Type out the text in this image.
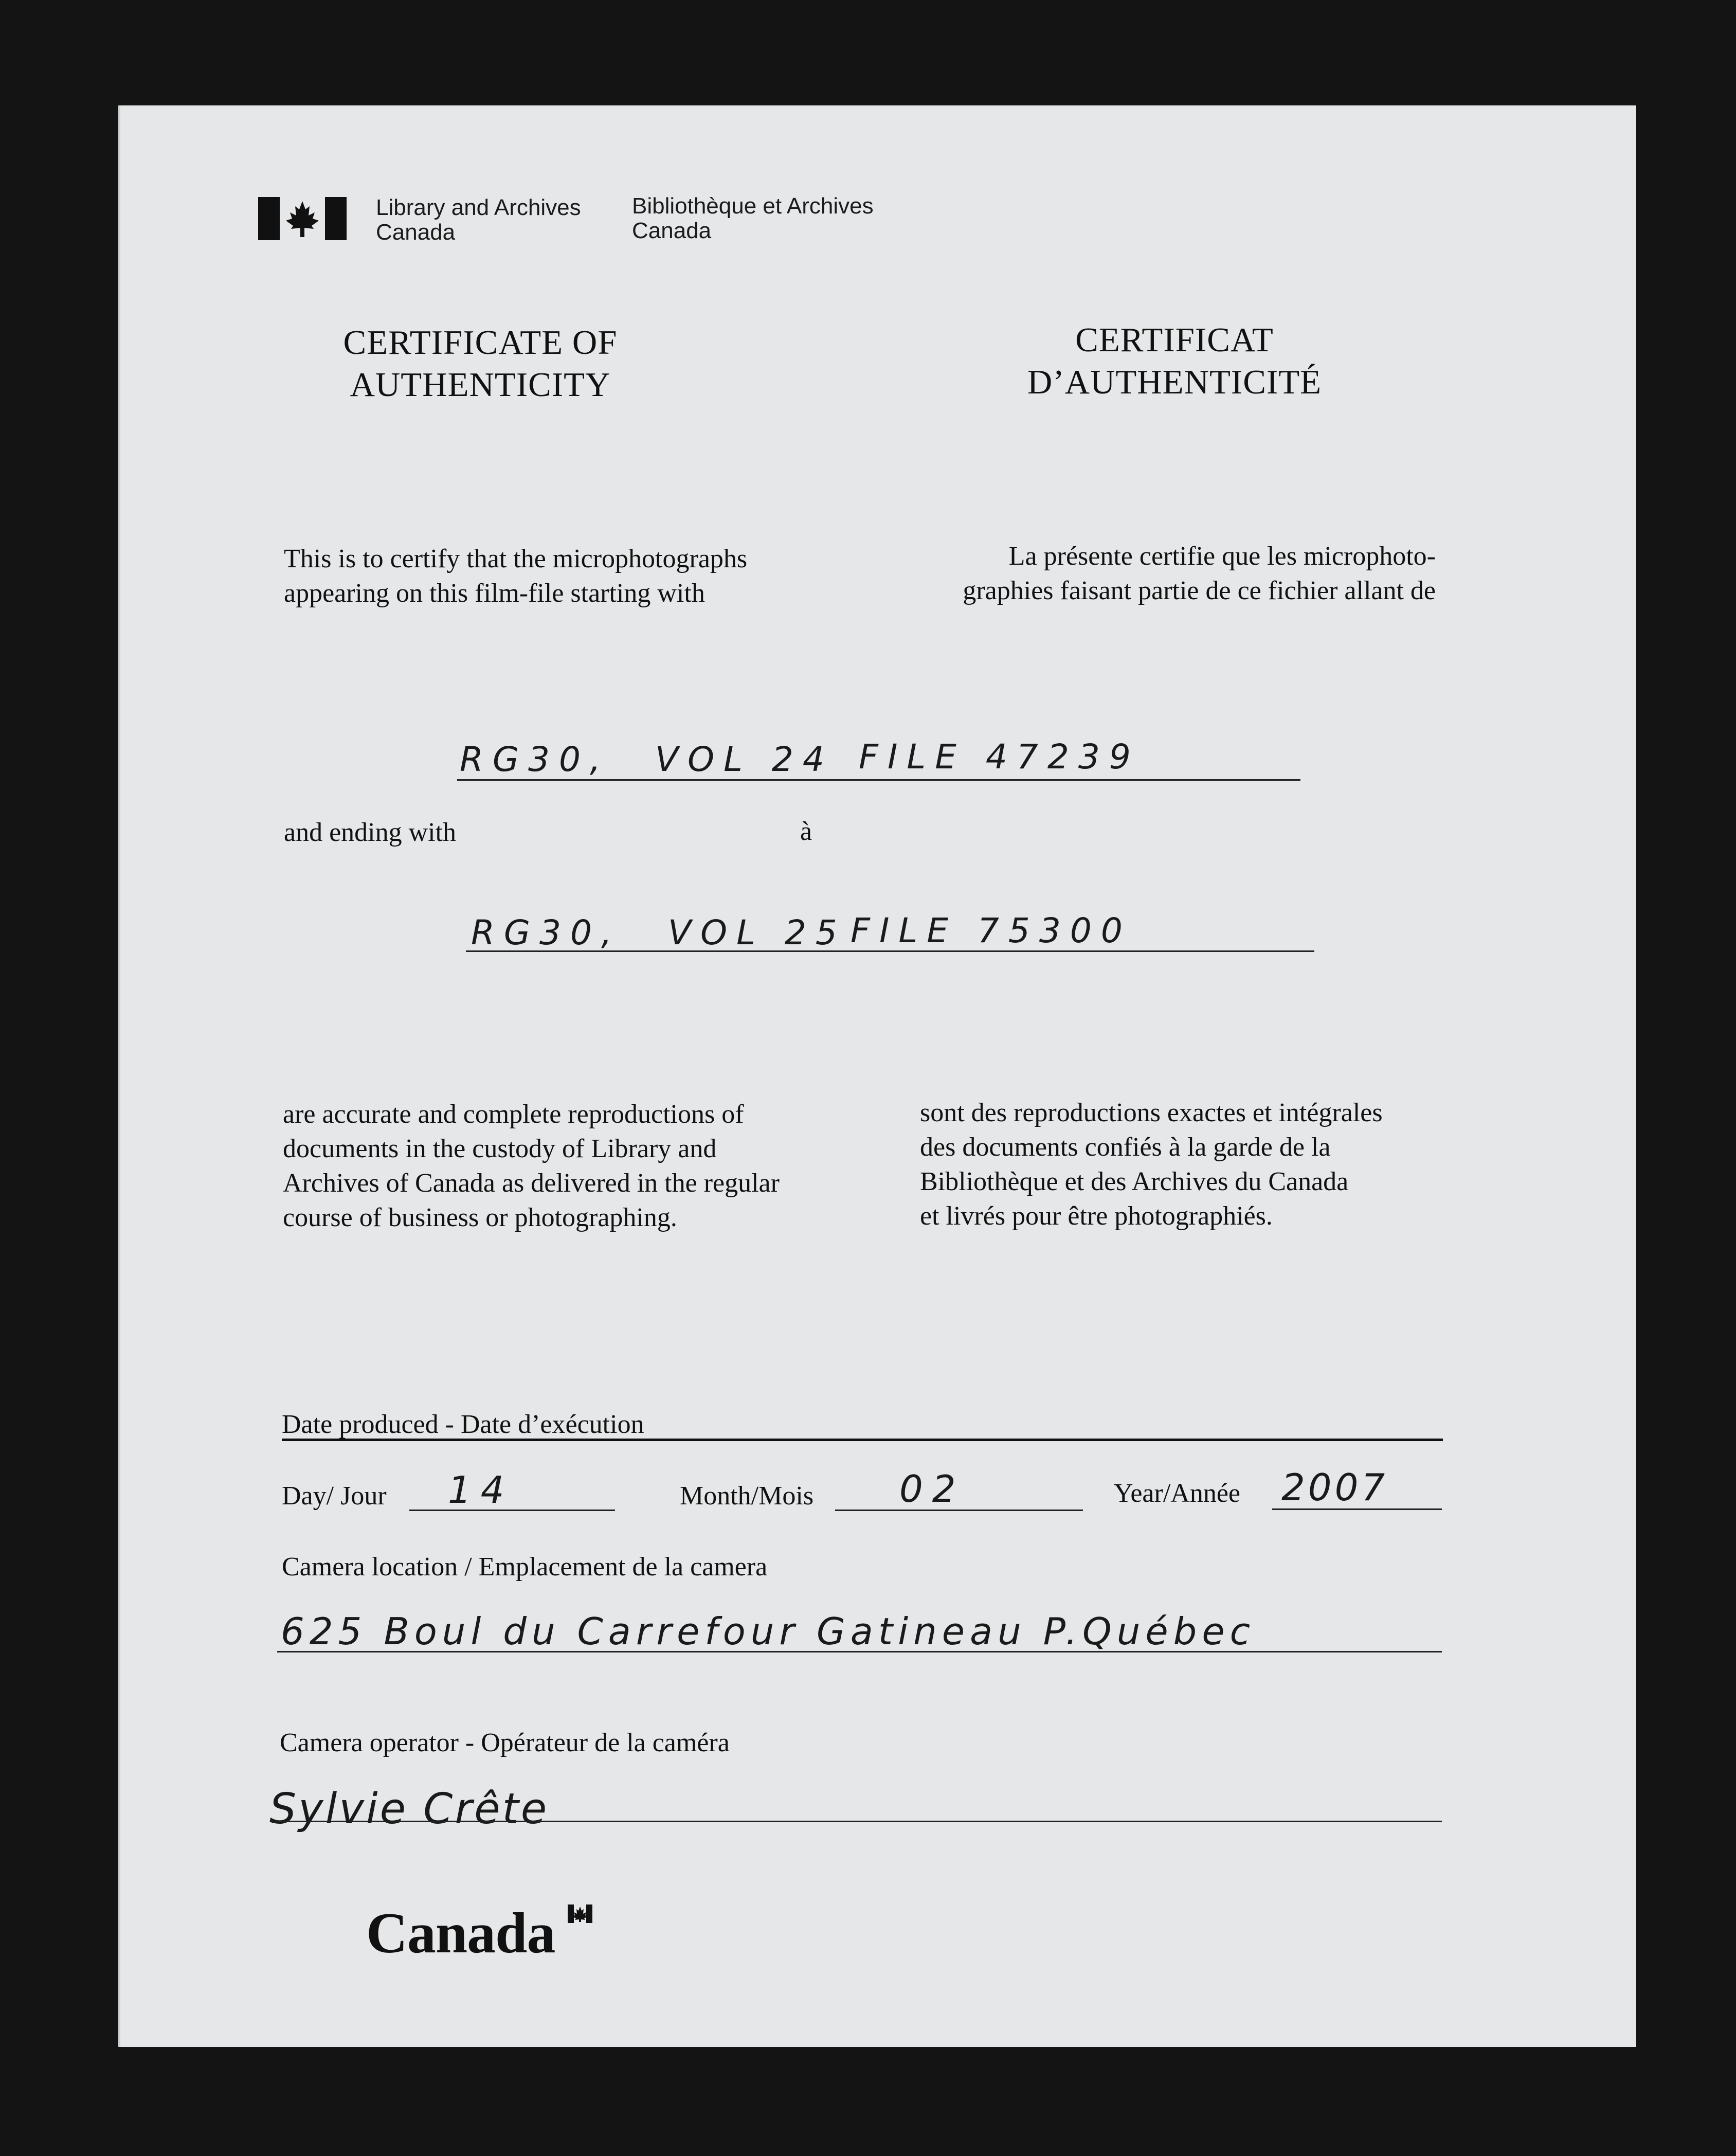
Library and Archives
Canada
Bibliothèque et Archives
Canada
CERTIFICATE OF
AUTHENTICITY
CERTIFICAT
D’AUTHENTICITÉ
This is to certify that the microphotographs
appearing on this film-file starting with
La présente certifie que les microphoto-
graphies faisant partie de ce fichier allant de
RG30, VOL 24 FILE 47239
and ending with	à
RG30, VOL 25 FILE 75300
are accurate and complete reproductions of
documents in the custody of Library and
Archives of Canada as delivered in the regular
course of business or photographing.
sont des reproductions exactes et intégrales
des documents confiés à la garde de la
Bibliothèque et des Archives du Canada
et livrés pour être photographiés.
Date produced - Date d’exécution
Day/ Jour 14	Month/Mois 02	Year/Année 2007
Camera location / Emplacement de la camera
625 Boul du Carrefour Gatineau P.Québec
Camera operator - Opérateur de la caméra
Sylvie Crête
Canada
